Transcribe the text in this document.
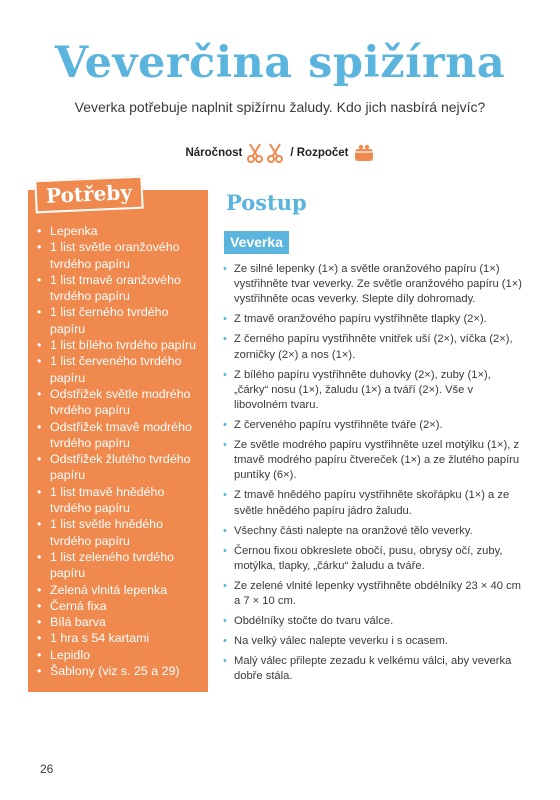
Veverčina spižírna

Veverka potřebuje naplnit spižírnu žaludy. Kdo jich nasbírá nejvíc?

Náročnost	/ Rozpočet
Potřeby
• Lepenka
• 1 list světle oranžového tvrdého papíru
• 1 list tmavě oranžového tvrdého papíru
• 1 list černého tvrdého papíru
• 1 list bílého tvrdého papíru
• 1 list červeného tvrdého papíru
• Odstřižek světle modrého tvrdého papíru
• Odstřižek tmavě modrého tvrdého papíru
• Odstřižek žlutého tvrdého papíru
• 1 list tmavě hnědého tvrdého papíru
• 1 list světle hnědého tvrdého papíru
• 1 list zeleného tvrdého papíru
• Zelená vlnitá lepenka
• Černá fixa
• Bílá barva
• 1 hra s 54 kartami
• Lepidlo
• Šablony (viz s. 25 a 29)
Postup
Veverka
• Ze silné lepenky (1×) a světle oranžového papíru (1×) vystřihněte tvar veverky. Ze světle oranžového papíru (1×) vystřihněte ocas veverky. Slepte díly dohromady.
• Z tmavě oranžového papíru vystřihněte tlapky (2×).
• Z černého papíru vystřihněte vnitřek uší (2×), víčka (2×), zorničky (2×) a nos (1×).
• Z bílého papíru vystřihněte duhovky (2×), zuby (1×), „čárky“ nosu (1×), žaludu (1×) a tváří (2×). Vše v libovolném tvaru.
• Z červeného papíru vystřihněte tváře (2×).
• Ze světle modrého papíru vystřihněte uzel motýlku (1×), z tmavě modrého papíru čtvereček (1×) a ze žlutého papíru puntíky (6×).
• Z tmavě hnědého papíru vystřihněte skořápku (1×) a ze světle hnědého papíru jádro žaludu.
• Všechny části nalepte na oranžové tělo veverky.
• Černou fixou obkreslete obočí, pusu, obrysy očí, zuby, motýlka, tlapky, „čárku“ žaludu a tváře.
• Ze zelené vlnité lepenky vystřihněte obdélníky 23 × 40 cm a 7 × 10 cm.
• Obdélníky stočte do tvaru válce.
• Na velký válec nalepte veverku i s ocasem.
• Malý válec přilepte zezadu k velkému válci, aby veverka dobře stála.
26
